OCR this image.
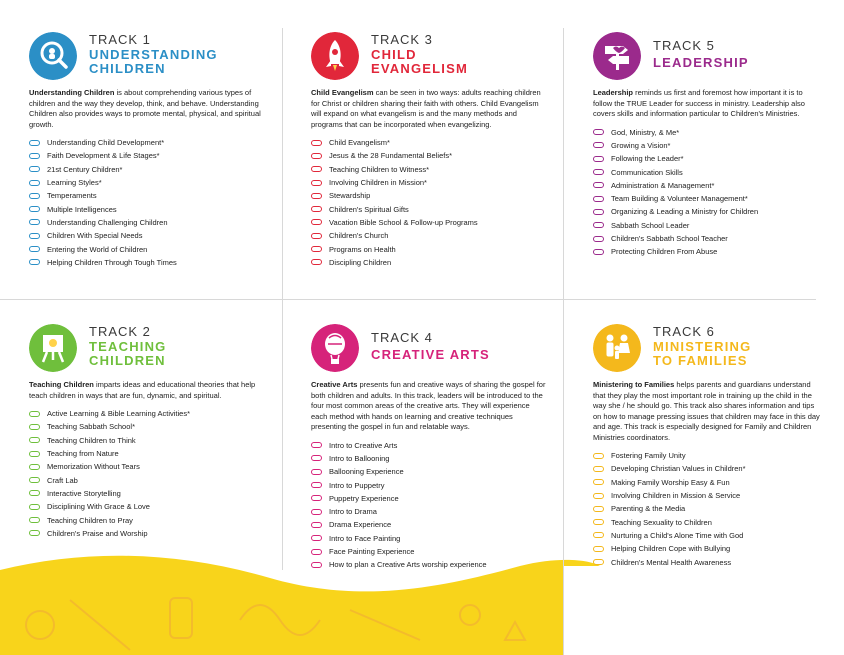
TRACK 1
UNDERSTANDING
CHILDREN

Understanding Children is about comprehending various types of children and the way they develop, think, and behave. Understanding Children also provides ways to promote mental, physical, and spiritual growth.

Understanding Child Development*
Faith Development & Life Stages*
21st Century Children*
Learning Styles*
Temperaments
Multiple Intelligences
Understanding Challenging Children
Children With Special Needs
Entering the World of Children
Helping Children Through Tough Times
TRACK 3
CHILD
EVANGELISM

Child Evangelism can be seen in two ways: adults reaching children for Christ or children sharing their faith with others. Child Evangelism will expand on what evangelism is and the many methods and programs that can be incorporated when evangelizing.

Child Evangelism*
Jesus & the 28 Fundamental Beliefs*
Teaching Children to Witness*
Involving Children in Mission*
Stewardship
Children's Spiritual Gifts
Vacation Bible School & Follow-up Programs
Children's Church
Programs on Health
Discipling Children
TRACK 5
LEADERSHIP

Leadership reminds us first and foremost how important it is to follow the TRUE Leader for success in ministry. Leadership also covers skills and information particular to Children's Ministries.

God, Ministry, & Me*
Growing a Vision*
Following the Leader*
Communication Skills
Administration & Management*
Team Building & Volunteer Management*
Organizing & Leading a Ministry for Children
Sabbath School Leader
Children's Sabbath School Teacher
Protecting Children From Abuse
TRACK 2
TEACHING
CHILDREN

Teaching Children imparts ideas and educational theories that help teach children in ways that are fun, dynamic, and spiritual.

Active Learning & Bible Learning Activities*
Teaching Sabbath School*
Teaching Children to Think
Teaching from Nature
Memorization Without Tears
Craft Lab
Interactive Storytelling
Disciplining With Grace & Love
Teaching Children to Pray
Children's Praise and Worship
TRACK 4
CREATIVE ARTS

Creative Arts presents fun and creative ways of sharing the gospel for both children and adults. In this track, leaders will be introduced to the four most common areas of the creative arts. They will experience each method with hands on learning and creative techniques presenting the gospel in fun and relatable ways.

Intro to Creative Arts
Intro to Ballooning
Ballooning Experience
Intro to Puppetry
Puppetry Experience
Intro to Drama
Drama Experience
Intro to Face Painting
Face Painting Experience
How to plan a Creative Arts worship experience
TRACK 6
MINISTERING
TO FAMILIES

Ministering to Families helps parents and guardians understand that they play the most important role in training up the child in the way she / he should go. This track also shares information and tips on how to manage pressing issues that children may face in this day and age. This track is especially designed for Family and Children Ministries coordinators.

Fostering Family Unity
Developing Christian Values in Children*
Making Family Worship Easy & Fun
Involving Children in Mission & Service
Parenting & the Media
Teaching Sexuality to Children
Nurturing a Child's Alone Time with God
Helping Children Cope with Bullying
Children's Mental Health Awareness
